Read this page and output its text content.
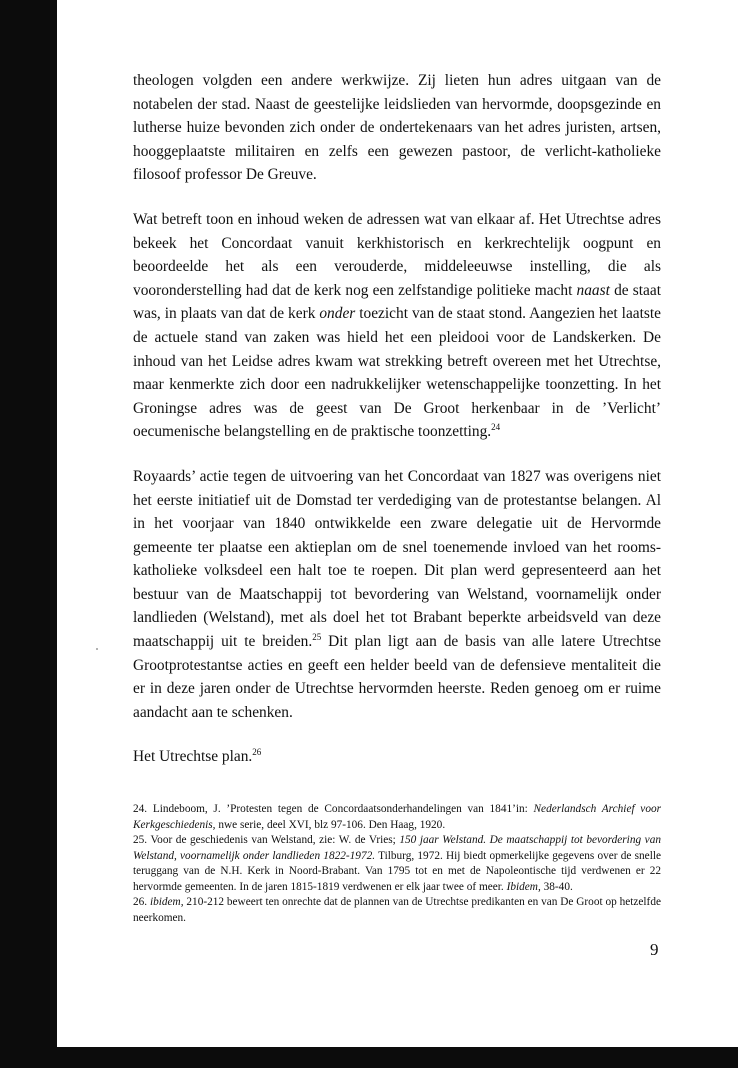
theologen volgden een andere werkwijze. Zij lieten hun adres uitgaan van de notabelen der stad. Naast de geestelijke leidslieden van hervormde, doopsgezinde en lutherse huize bevonden zich onder de ondertekenaars van het adres juristen, artsen, hooggeplaatste militairen en zelfs een gewezen pastoor, de verlicht-katholieke filosoof professor De Greuve.

Wat betreft toon en inhoud weken de adressen wat van elkaar af. Het Utrechtse adres bekeek het Concordaat vanuit kerkhistorisch en kerkrechtelijk oogpunt en beoordeelde het als een verouderde, middeleeuwse instelling, die als vooronderstelling had dat de kerk nog een zelfstandige politieke macht naast de staat was, in plaats van dat de kerk onder toezicht van de staat stond. Aangezien het laatste de actuele stand van zaken was hield het een pleidooi voor de Landskerken. De inhoud van het Leidse adres kwam wat strekking betreft overeen met het Utrechtse, maar kenmerkte zich door een nadrukkelijker wetenschappelijke toonzetting. In het Groningse adres was de geest van De Groot herkenbaar in de ’Verlicht’ oecumenische belangstelling en de praktische toonzetting.$^{24}$

Royaards’ actie tegen de uitvoering van het Concordaat van 1827 was overigens niet het eerste initiatief uit de Domstad ter verdediging van de protestantse belangen. Al in het voorjaar van 1840 ontwikkelde een zware delegatie uit de Hervormde gemeente ter plaatse een aktieplan om de snel toenemende invloed van het rooms-katholieke volksdeel een halt toe te roepen. Dit plan werd gepresenteerd aan het bestuur van de Maatschappij tot bevordering van Welstand, voornamelijk onder landlieden (Welstand), met als doel het tot Brabant beperkte arbeidsveld van deze maatschappij uit te breiden.$^{25}$ Dit plan ligt aan de basis van alle latere Utrechtse Grootprotestantse acties en geeft een helder beeld van de defensieve mentaliteit die er in deze jaren onder de Utrechtse hervormden heerste. Reden genoeg om er ruime aandacht aan te schenken.

Het Utrechtse plan.$^{26}$

24. Lindeboom, J. ’Protesten tegen de Concordaatsonderhandelingen van 1841’in: Nederlandsch Archief voor Kerkgeschiedenis, nwe serie, deel XVI, blz 97-106. Den Haag, 1920.

25. Voor de geschiedenis van Welstand, zie: W. de Vries; 150 jaar Welstand. De maatschappij tot bevordering van Welstand, voornamelijk onder landlieden 1822-1972. Tilburg, 1972. Hij biedt opmerkelijke gegevens over de snelle teruggang van de N.H. Kerk in Noord-Brabant. Van 1795 tot en met de Napoleontische tijd verdwenen er 22 hervormde gemeenten. In de jaren 1815-1819 verdwenen er elk jaar twee of meer. Ibidem, 38-40.

26. ibidem, 210-212 beweert ten onrechte dat de plannen van de Utrechtse predikanten en van De Groot op hetzelfde neerkomen.

9
